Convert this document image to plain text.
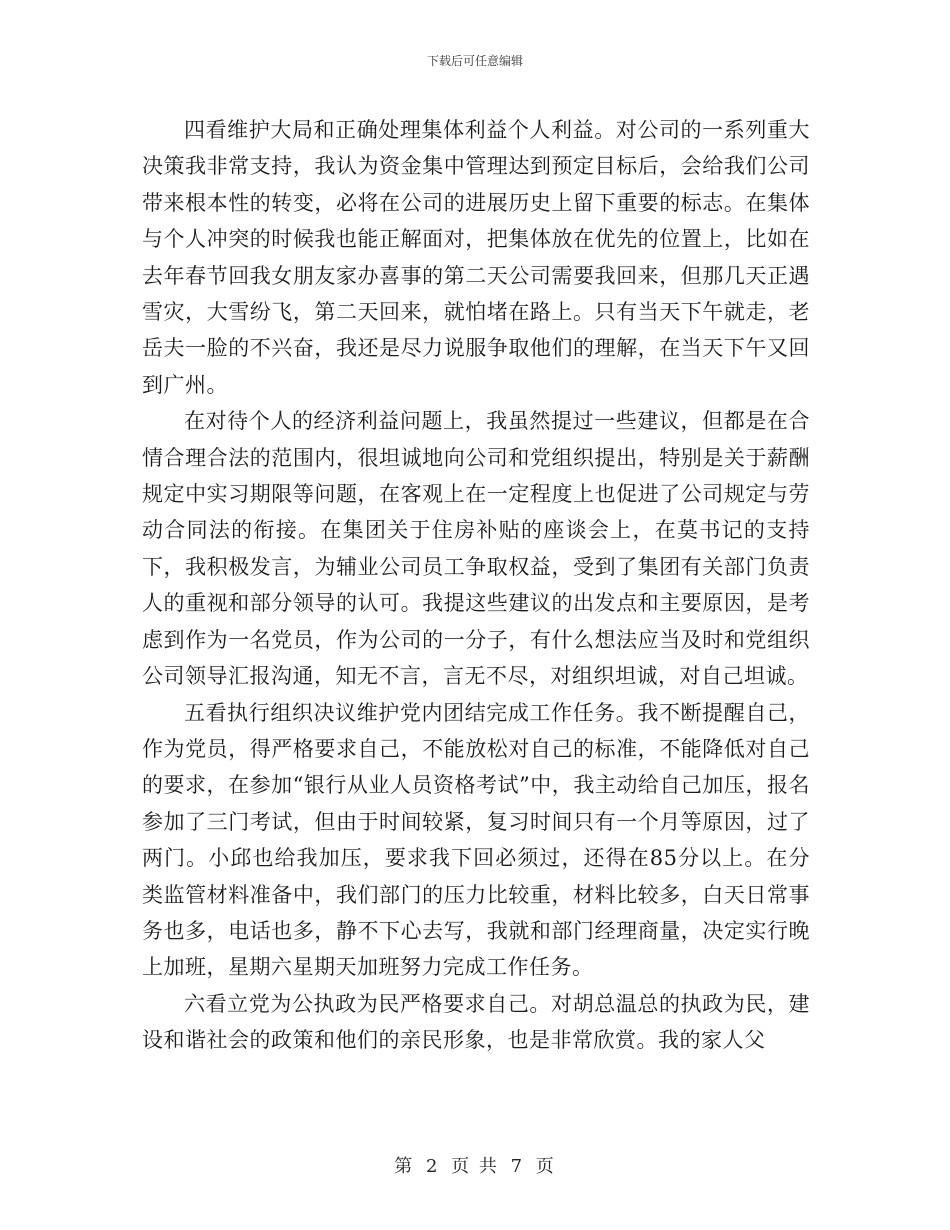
下载后可任意编辑

四看维护大局和正确处理集体利益个人利益。对公司的一系列重大决策我非常支持，我认为资金集中管理达到预定目标后，会给我们公司带来根本性的转变，必将在公司的进展历史上留下重要的标志。在集体与个人冲突的时候我也能正解面对，把集体放在优先的位置上，比如在去年春节回我女朋友家办喜事的第二天公司需要我回来，但那几天正遇雪灾，大雪纷飞，第二天回来，就怕堵在路上。只有当天下午就走，老岳夫一脸的不兴奋，我还是尽力说服争取他们的理解，在当天下午又回到广州。

在对待个人的经济利益问题上，我虽然提过一些建议，但都是在合情合理合法的范围内，很坦诚地向公司和党组织提出，特别是关于薪酬规定中实习期限等问题，在客观上在一定程度上也促进了公司规定与劳动合同法的衔接。在集团关于住房补贴的座谈会上，在莫书记的支持下，我积极发言，为辅业公司员工争取权益，受到了集团有关部门负责人的重视和部分领导的认可。我提这些建议的出发点和主要原因，是考虑到作为一名党员，作为公司的一分子，有什么想法应当及时和党组织公司领导汇报沟通，知无不言，言无不尽，对组织坦诚，对自己坦诚。

五看执行组织决议维护党内团结完成工作任务。我不断提醒自己，作为党员，得严格要求自己，不能放松对自己的标准，不能降低对自己的要求，在参加“银行从业人员资格考试”中，我主动给自己加压，报名参加了三门考试，但由于时间较紧，复习时间只有一个月等原因，过了两门。小邱也给我加压，要求我下回必须过，还得在85分以上。在分类监管材料准备中，我们部门的压力比较重，材料比较多，白天日常事务也多，电话也多，静不下心去写，我就和部门经理商量，决定实行晚上加班，星期六星期天加班努力完成工作任务。

六看立党为公执政为民严格要求自己。对胡总温总的执政为民，建设和谐社会的政策和他们的亲民形象，也是非常欣赏。我的家人父

第 2 页 共 7 页
